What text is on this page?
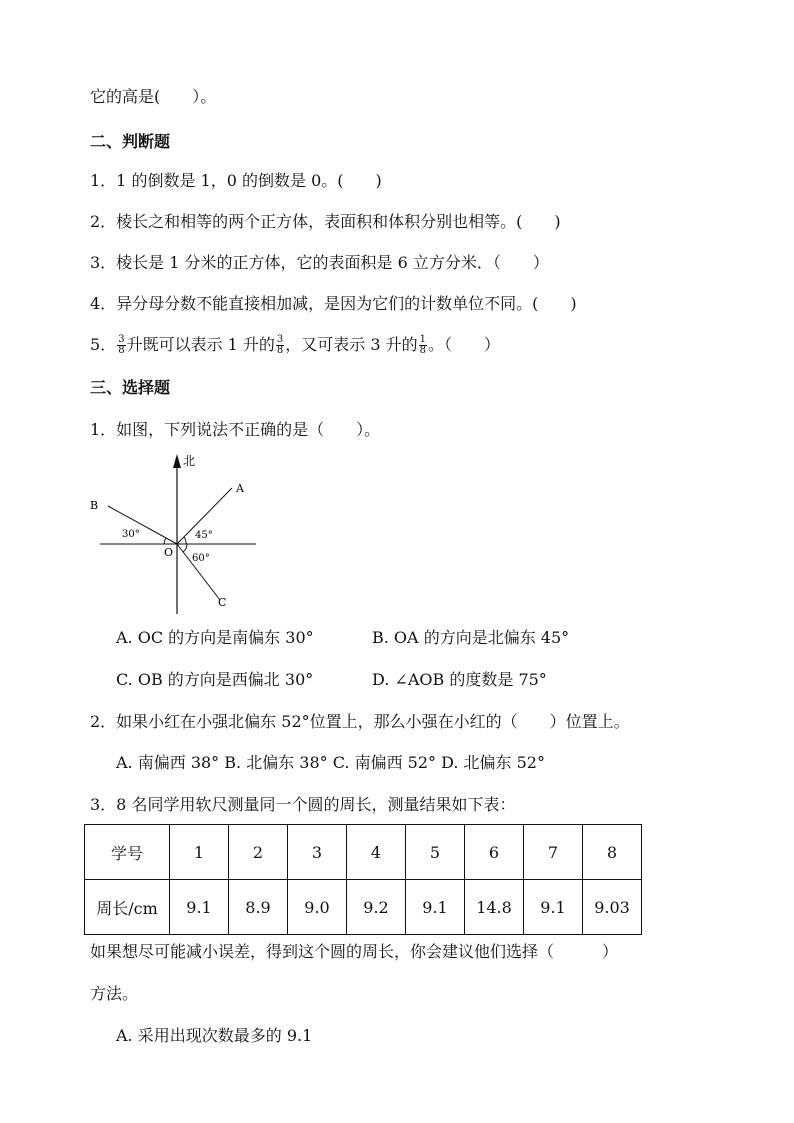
它的高是(　　）。
二、判断题
1．1 的倒数是 1，0 的倒数是 0。(　　)
2．棱长之和相等的两个正方体，表面积和体积分别也相等。(　　)
3．棱长是 1 分米的正方体，它的表面积是 6 立方分米．（　　）
4．异分母分数不能直接相加减，是因为它们的计数单位不同。(　　)
5． $\frac{3}{8}$ 升既可以表示 1 升的 $\frac{3}{8}$ ，又可表示 3 升的 $\frac{1}{8}$ 。（　　）
三、选择题
1．如图，下列说法不正确的是（　　）。
北
A
B
C
O
30°	45°
60°
A. OC 的方向是南偏东 30°	B. OA 的方向是北偏东 45°
C. OB 的方向是西偏北 30°	D. ∠AOB 的度数是 75°
2．如果小红在小强北偏东 52°位置上，那么小强在小红的（　　）位置上。
A. 南偏西 38° B. 北偏东 38° C. 南偏西 52° D. 北偏东 52°
3．8 名同学用软尺测量同一个圆的周长，测量结果如下表：
学号	1	2	3	4	5	6	7	8
周长/cm	9.1	8.9	9.0	9.2	9.1	14.8	9.1	9.03
如果想尽可能减小误差，得到这个圆的周长，你会建议他们选择（　　　）
方法。
A. 采用出现次数最多的 9.1
